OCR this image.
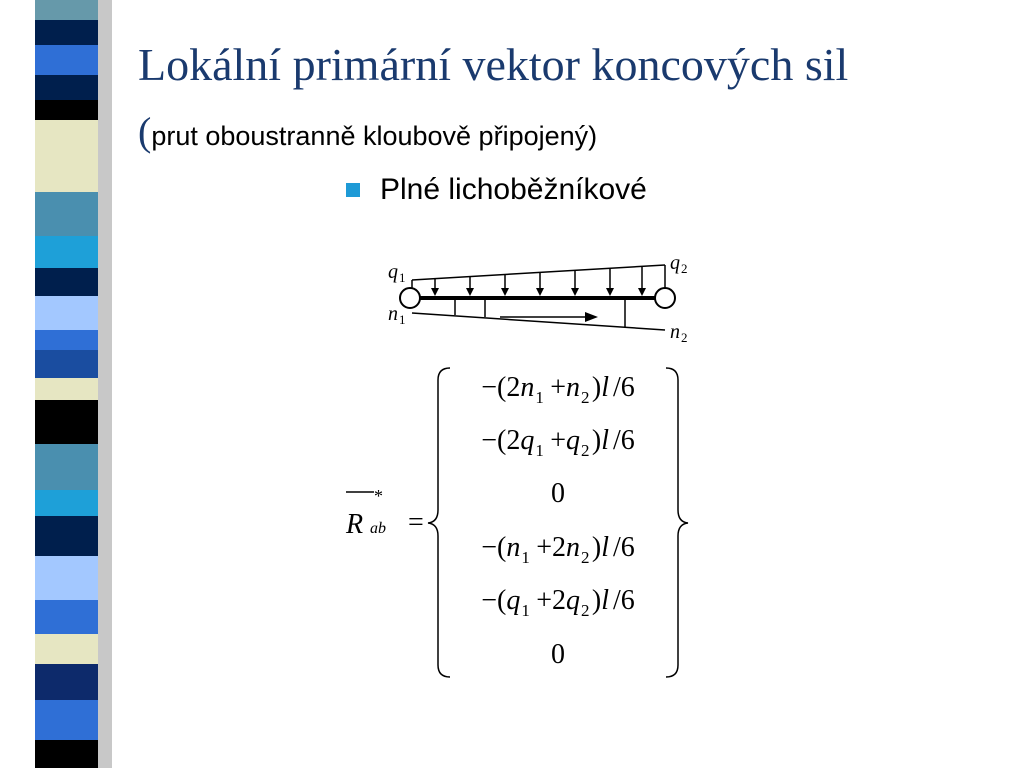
Lokální primární vektor koncových sil
(prut oboustranně kloubově připojený)
Plné lichoběžníkové
$q_1$
$q_2$
$n_1$
$n_2$
R
*
ab =
$-(2n_1$  $+n_2$ )l /6
$-(2q_1$  $+q_2$ )l /6
0
$-(n_1$  $+2n_2$ )l /6
$-(q_1$  $+2q_2$ )l /6
0
